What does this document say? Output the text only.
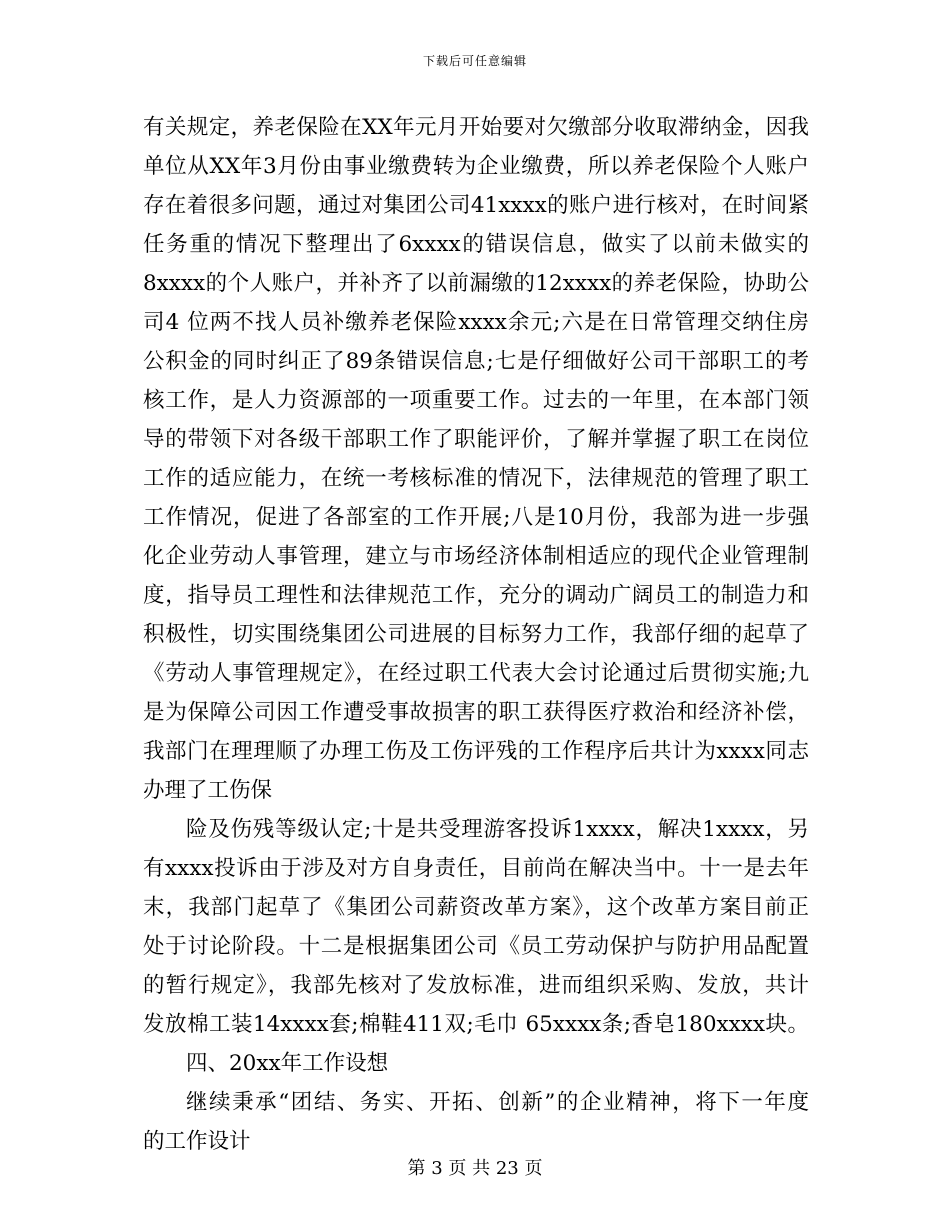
下载后可任意编辑
有关规定，养老保险在XX年元月开始要对欠缴部分收取滞纳金，因我
单位从XX年3月份由事业缴费转为企业缴费，所以养老保险个人账户
存在着很多问题，通过对集团公司41xxxx的账户进行核对，在时间紧
任务重的情况下整理出了6xxxx的错误信息，做实了以前未做实的
8xxxx的个人账户，并补齐了以前漏缴的12xxxx的养老保险，协助公
司4 位两不找人员补缴养老保险xxxx余元;六是在日常管理交纳住房
公积金的同时纠正了89条错误信息;七是仔细做好公司干部职工的考
核工作，是人力资源部的一项重要工作。过去的一年里，在本部门领
导的带领下对各级干部职工作了职能评价，了解并掌握了职工在岗位
工作的适应能力，在统一考核标准的情况下，法律规范的管理了职工
工作情况，促进了各部室的工作开展;八是10月份，我部为进一步强
化企业劳动人事管理，建立与市场经济体制相适应的现代企业管理制
度，指导员工理性和法律规范工作，充分的调动广阔员工的制造力和
积极性，切实围绕集团公司进展的目标努力工作，我部仔细的起草了
《劳动人事管理规定》，在经过职工代表大会讨论通过后贯彻实施;九
是为保障公司因工作遭受事故损害的职工获得医疗救治和经济补偿，
我部门在理理顺了办理工伤及工伤评残的工作程序后共计为xxxx同志
办理了工伤保
险及伤残等级认定;十是共受理游客投诉1xxxx，解决1xxxx，另
有xxxx投诉由于涉及对方自身责任，目前尚在解决当中。十一是去年
末，我部门起草了《集团公司薪资改革方案》，这个改革方案目前正
处于讨论阶段。十二是根据集团公司《员工劳动保护与防护用品配置
的暂行规定》，我部先核对了发放标准，进而组织采购、发放，共计
发放棉工装14xxxx套;棉鞋411双;毛巾 65xxxx条;香皂180xxxx块。
四、20xx年工作设想
继续秉承“团结、务实、开拓、创新”的企业精神，将下一年度
的工作设计
第 3 页 共 23 页
